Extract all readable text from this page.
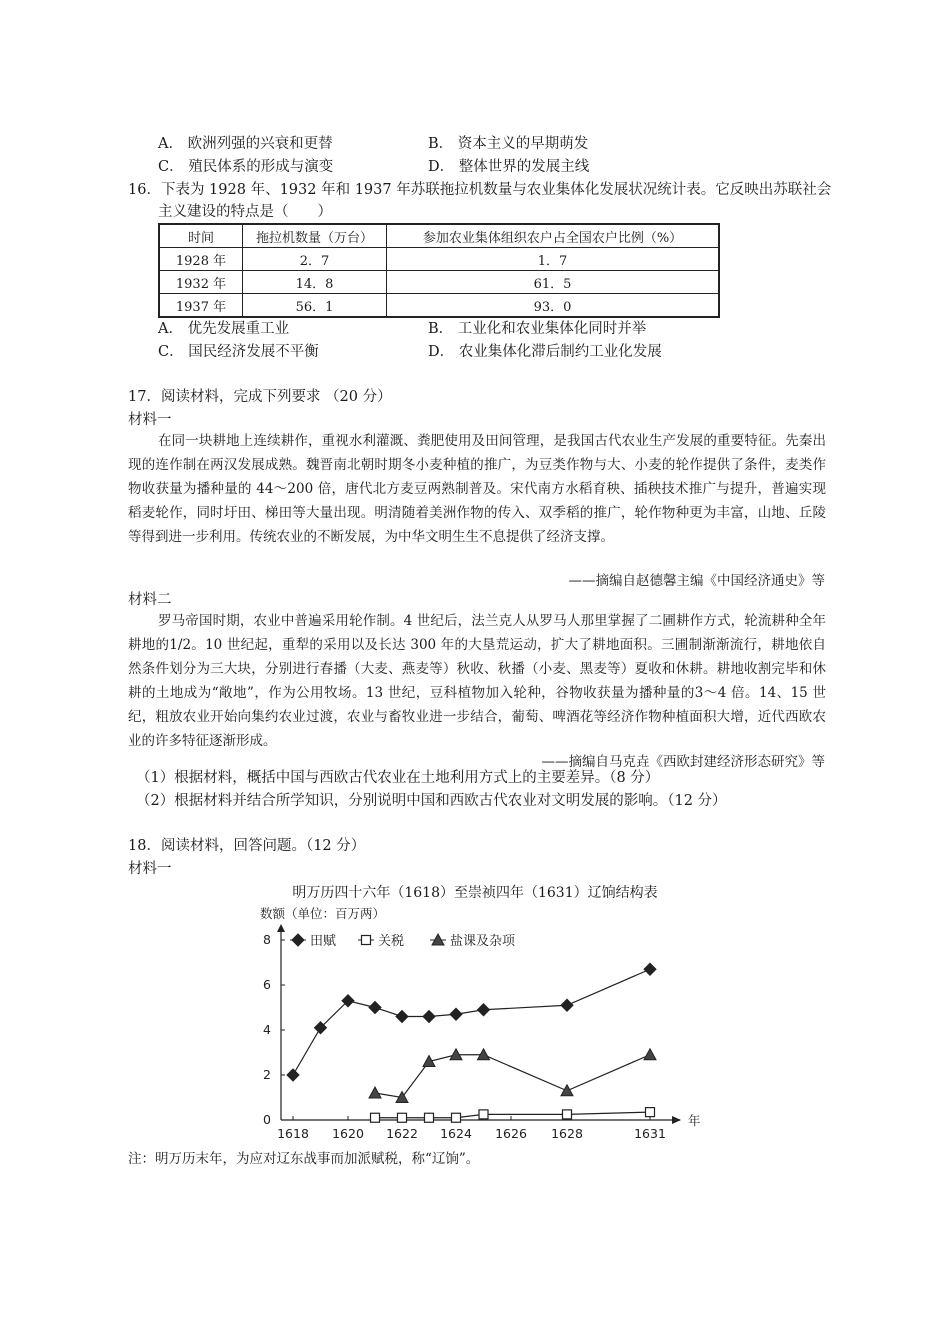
A． 欧洲列强的兴衰和更替	B． 资本主义的早期萌发
C． 殖民体系的形成与演变	D． 整体世界的发展主线
16．下表为 1928 年、1932 年和 1937 年苏联拖拉机数量与农业集体化发展状况统计表。它反映出苏联社会
主义建设的特点是（　　）
时间	拖拉机数量（万台）	参加农业集体组织农户占全国农户比例（%）
1928 年	2．7	1．7
1932 年	14．8	61．5
1937 年	56．1	93．0
A． 优先发展重工业	B． 工业化和农业集体化同时并举
C． 国民经济发展不平衡	D． 农业集体化滞后制约工业化发展
17．阅读材料，完成下列要求 （20 分）
材料一
在同一块耕地上连续耕作，重视水利灌溉、粪肥使用及田间管理，是我国古代农业生产发展的重要特征。先秦出现的连作制在两汉发展成熟。魏晋南北朝时期冬小麦种植的推广，为豆类作物与大、小麦的轮作提供了条件，麦类作物收获量为播种量的 44～200 倍，唐代北方麦豆两熟制普及。宋代南方水稻育秧、插秧技术推广与提升，普遍实现稻麦轮作，同时圩田、梯田等大量出现。明清随着美洲作物的传入、双季稻的推广，轮作物种更为丰富，山地、丘陵等得到进一步利用。传统农业的不断发展，为中华文明生生不息提供了经济支撑。
——摘编自赵德馨主编《中国经济通史》等
材料二
罗马帝国时期，农业中普遍采用轮作制。4 世纪后，法兰克人从罗马人那里掌握了二圃耕作方式，轮流耕种全年耕地的1/2。10 世纪起，重犁的采用以及长达 300 年的大垦荒运动，扩大了耕地面积。三圃制渐渐流行，耕地依自然条件划分为三大块，分别进行春播（大麦、燕麦等）秋收、秋播（小麦、黑麦等）夏收和休耕。耕地收割完毕和休耕的土地成为“敞地”，作为公用牧场。13 世纪，豆科植物加入轮种，谷物收获量为播种量的3～4 倍。14、15 世纪，粗放农业开始向集约农业过渡，农业与畜牧业进一步结合，葡萄、啤酒花等经济作物种植面积大增，近代西欧农业的许多特征逐渐形成。
——摘编自马克垚《西欧封建经济形态研究》等
（1）根据材料，概括中国与西欧古代农业在土地利用方式上的主要差异。（8 分）
（2）根据材料并结合所学知识，分别说明中国和西欧古代农业对文明发展的影响。（12 分）
18．阅读材料，回答问题。（12 分）
材料一
明万历四十六年（1618）至崇祯四年（1631）辽饷结构表
数额（单位：百万两）
年
0
2
4
6
8
1618 1620 1622 1624 1626 1628	1631
田赋	关税	盐课及杂项
注：明万历末年，为应对辽东战事而加派赋税，称“辽饷”。
